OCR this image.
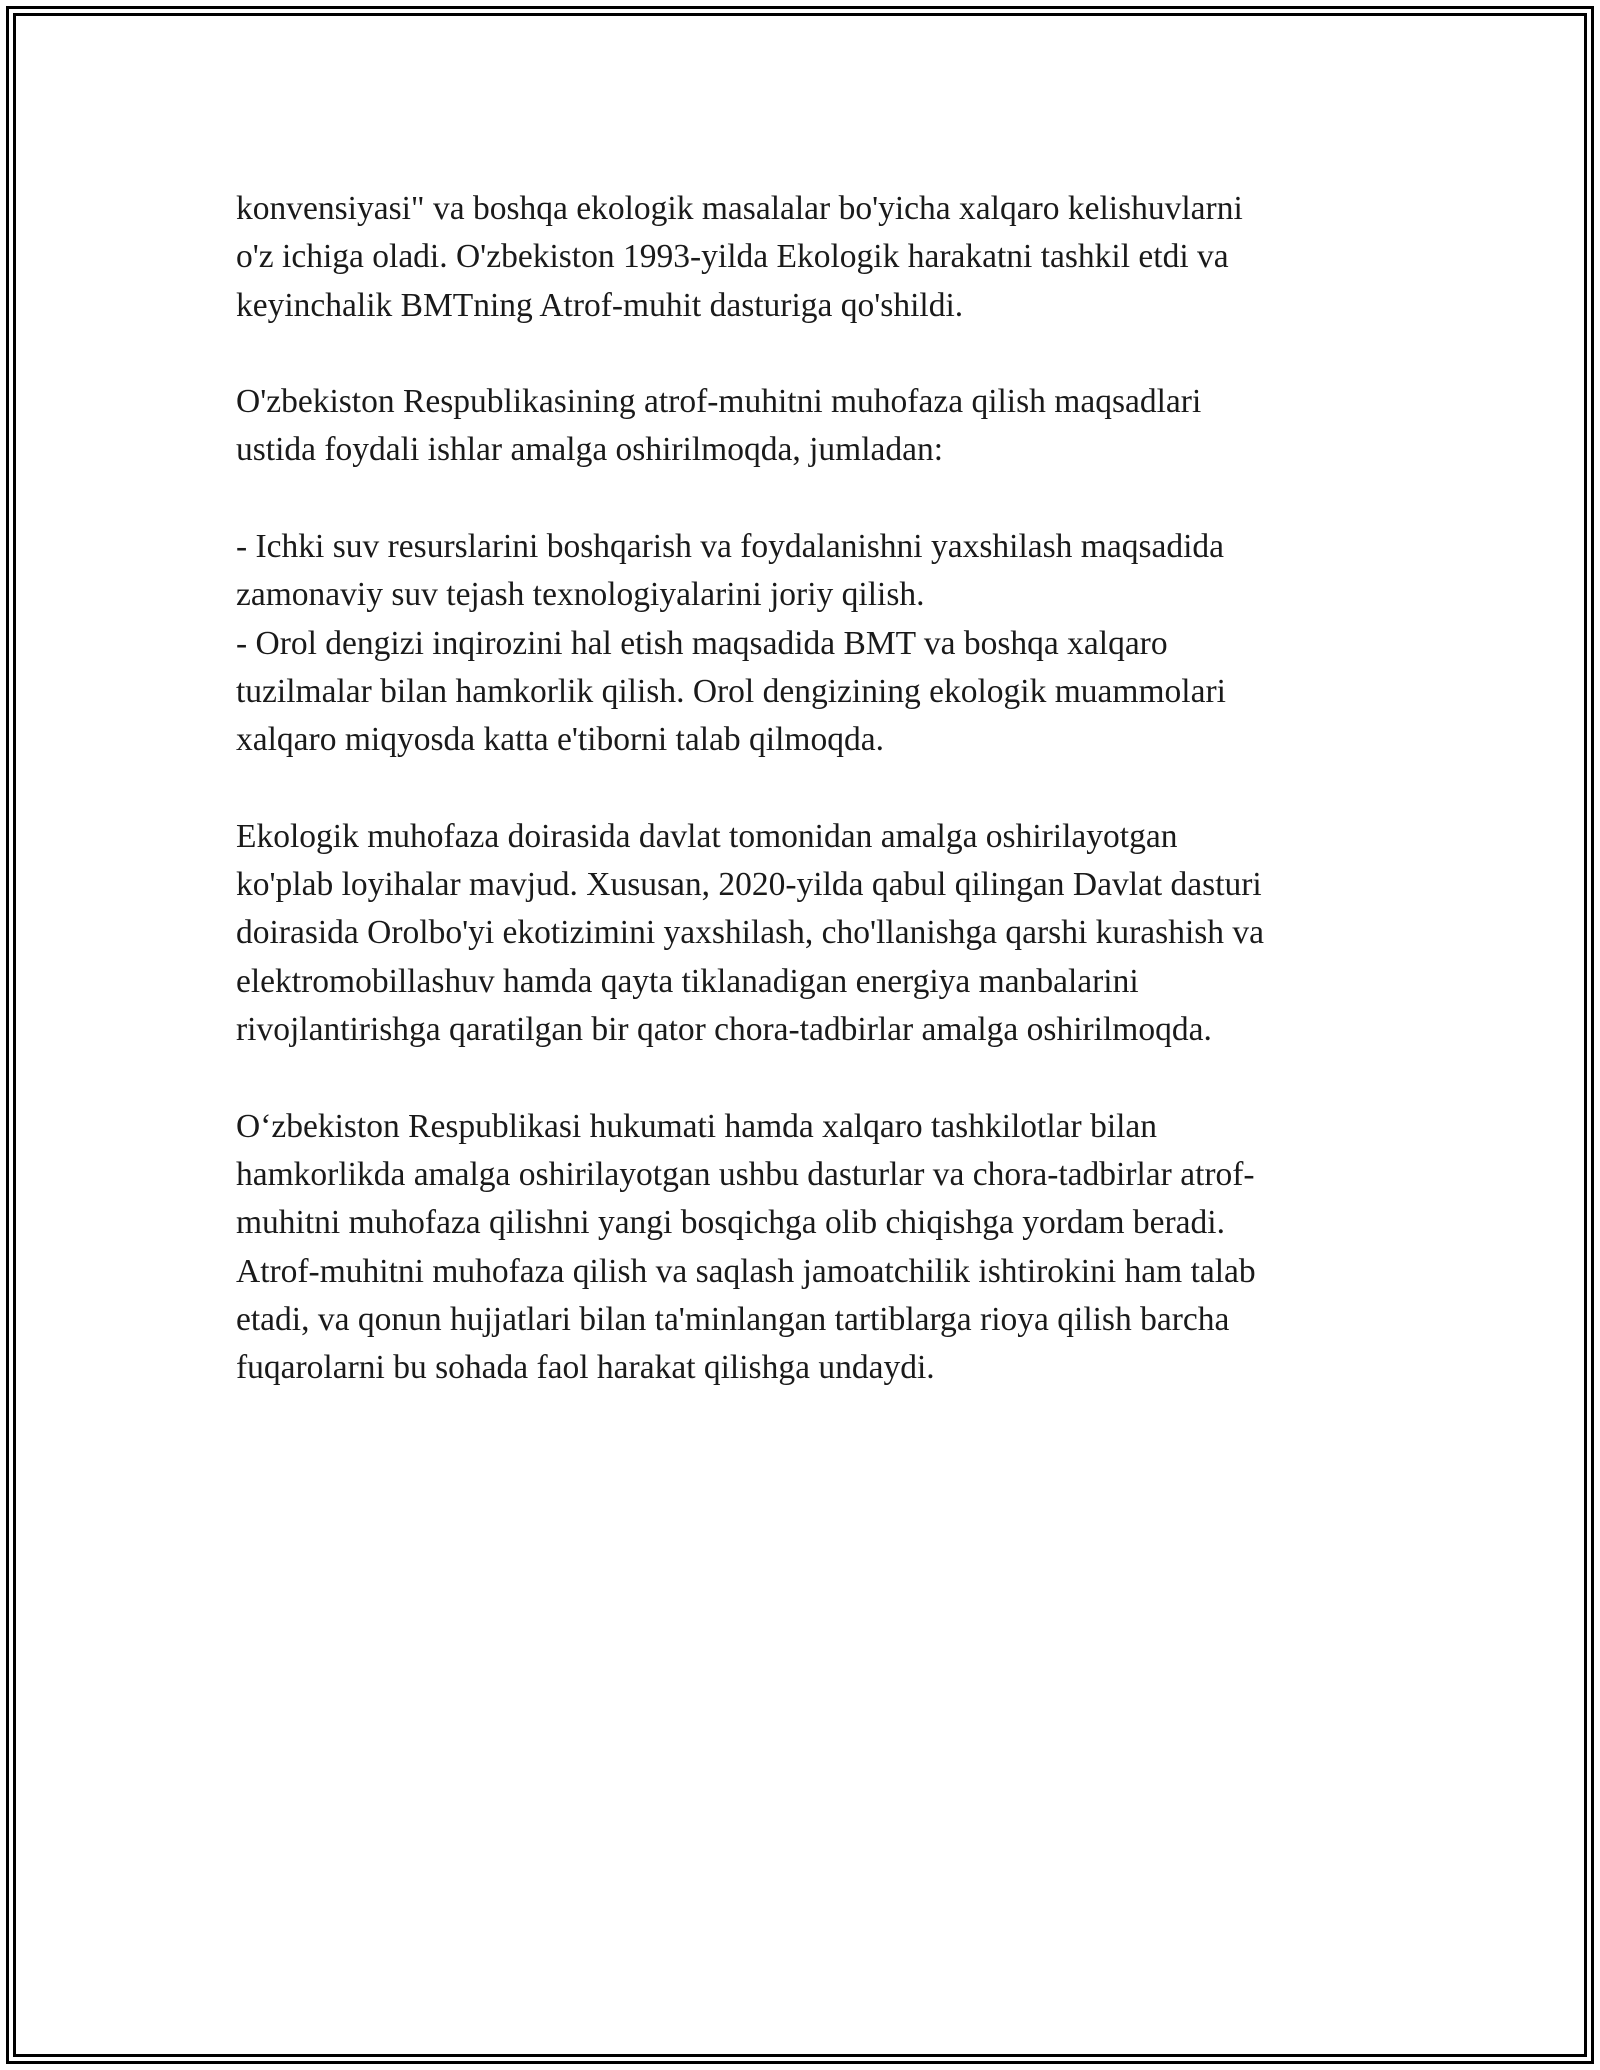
konvensiyasi" va boshqa ekologik masalalar bo'yicha xalqaro kelishuvlarni
o'z ichiga oladi. O'zbekiston 1993-yilda Ekologik harakatni tashkil etdi va
keyinchalik BMTning Atrof-muhit dasturiga qo'shildi.

O'zbekiston Respublikasining atrof-muhitni muhofaza qilish maqsadlari
ustida foydali ishlar amalga oshirilmoqda, jumladan:

- Ichki suv resurslarini boshqarish va foydalanishni yaxshilash maqsadida
zamonaviy suv tejash texnologiyalarini joriy qilish.

- Orol dengizi inqirozini hal etish maqsadida BMT va boshqa xalqaro
tuzilmalar bilan hamkorlik qilish. Orol dengizining ekologik muammolari
xalqaro miqyosda katta e'tiborni talab qilmoqda.

Ekologik muhofaza doirasida davlat tomonidan amalga oshirilayotgan
ko'plab loyihalar mavjud. Xususan, 2020-yilda qabul qilingan Davlat dasturi
doirasida Orolbo'yi ekotizimini yaxshilash, cho'llanishga qarshi kurashish va
elektromobillashuv hamda qayta tiklanadigan energiya manbalarini
rivojlantirishga qaratilgan bir qator chora-tadbirlar amalga oshirilmoqda.

O‘zbekiston Respublikasi hukumati hamda xalqaro tashkilotlar bilan
hamkorlikda amalga oshirilayotgan ushbu dasturlar va chora-tadbirlar atrof-
muhitni muhofaza qilishni yangi bosqichga olib chiqishga yordam beradi.
Atrof-muhitni muhofaza qilish va saqlash jamoatchilik ishtirokini ham talab
etadi, va qonun hujjatlari bilan ta'minlangan tartiblarga rioya qilish barcha
fuqarolarni bu sohada faol harakat qilishga undaydi.
